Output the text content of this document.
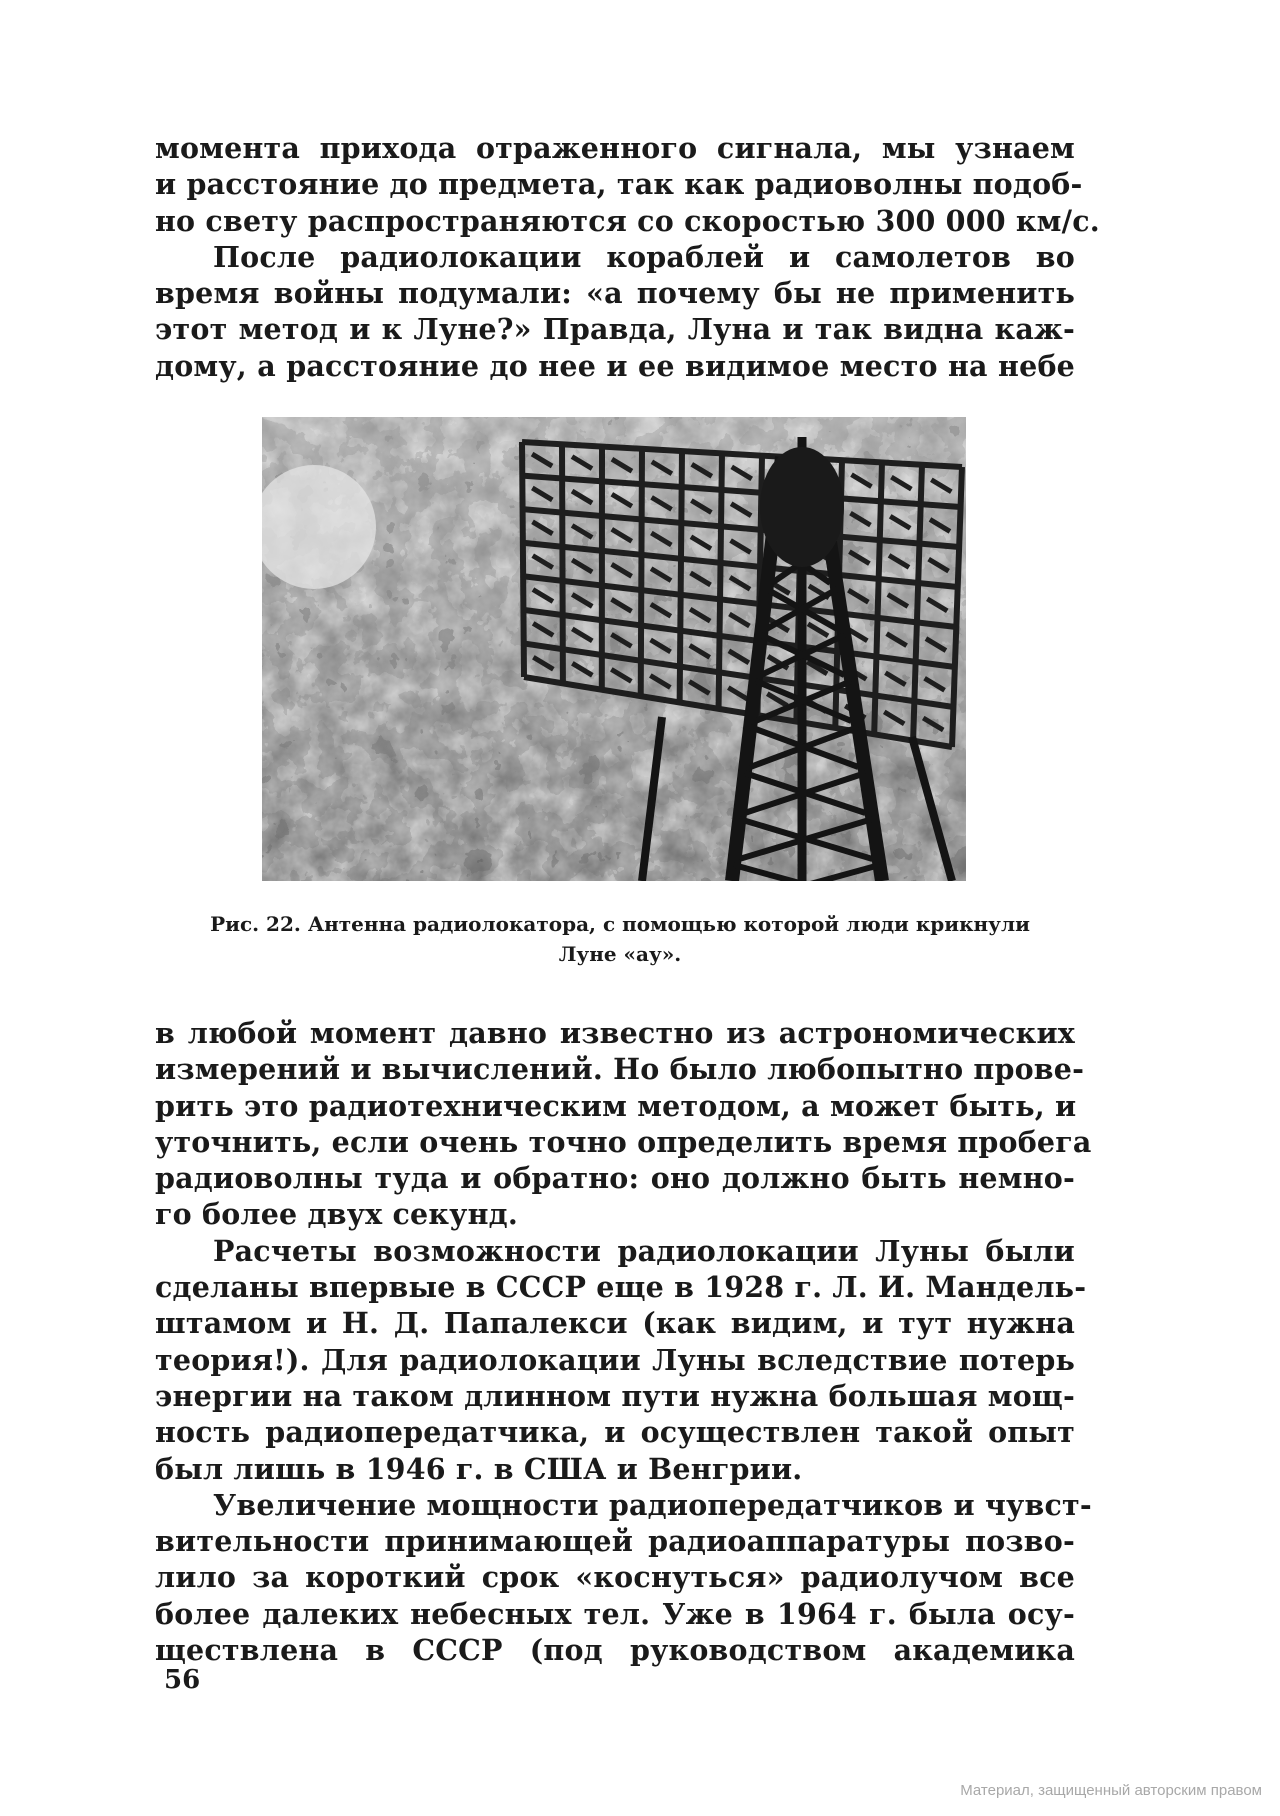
момента прихода отраженного сигнала, мы узнаем
и расстояние до предмета, так как радиоволны подоб-
но свету распространяются со скоростью 300 000 км/с.
После радиолокации кораблей и самолетов во
время войны подумали: «а почему бы не применить
этот метод и к Луне?» Правда, Луна и так видна каж-
дому, а расстояние до нее и ее видимое место на небе
Рис. 22. Антенна радиолокатора, с помощью которой люди крикнули
Луне «ау».
в любой момент давно известно из астрономических
измерений и вычислений. Но было любопытно прове-
рить это радиотехническим методом, а может быть, и
уточнить, если очень точно определить время пробега
радиоволны туда и обратно: оно должно быть немно-
го более двух секунд.
Расчеты возможности радиолокации Луны были
сделаны впервые в СССР еще в 1928 г. Л. И. Мандель-
штамом и Н. Д. Папалекси (как видим, и тут нужна
теория!). Для радиолокации Луны вследствие потерь
энергии на таком длинном пути нужна большая мощ-
ность радиопередатчика, и осуществлен такой опыт
был лишь в 1946 г. в США и Венгрии.
Увеличение мощности радиопередатчиков и чувст-
вительности принимающей радиоаппаратуры позво-
лило за короткий срок «коснуться» радиолучом все
более далеких небесных тел. Уже в 1964 г. была осу-
ществлена в СССР (под руководством академика
56
Материал, защищенный авторским правом
